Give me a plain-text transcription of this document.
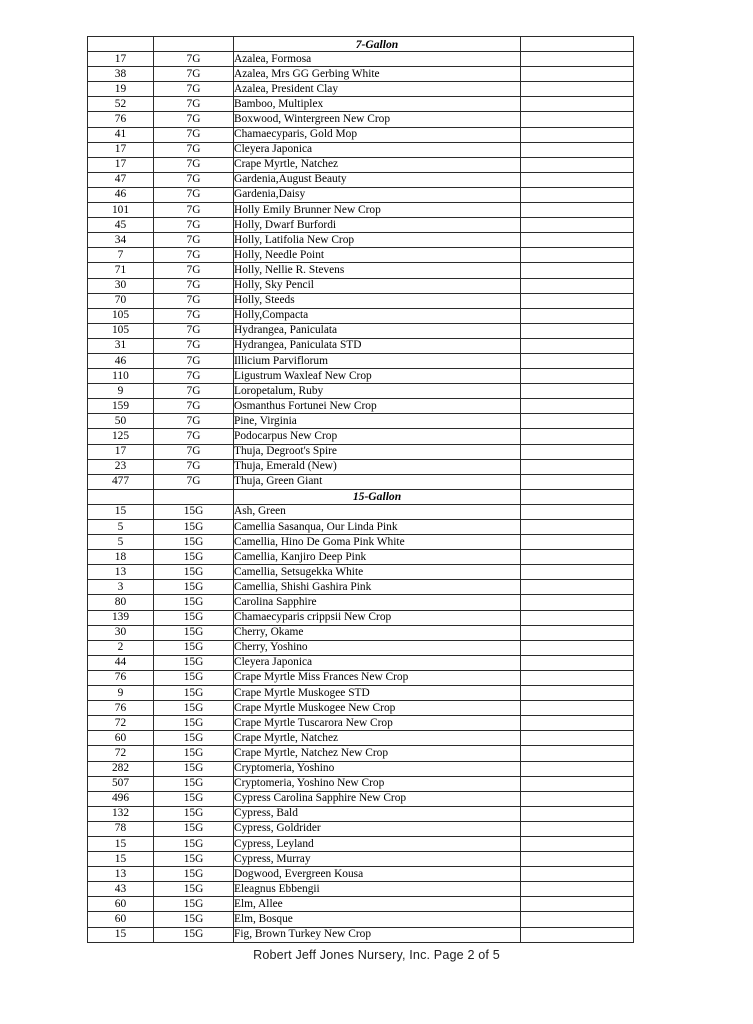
		7-Gallon	
17	7G	Azalea, Formosa	
38	7G	Azalea, Mrs GG Gerbing White	
19	7G	Azalea, President Clay	
52	7G	Bamboo, Multiplex	
76	7G	Boxwood, Wintergreen New Crop	
41	7G	Chamaecyparis, Gold Mop	
17	7G	Cleyera Japonica	
17	7G	Crape Myrtle, Natchez	
47	7G	Gardenia,August Beauty	
46	7G	Gardenia,Daisy	
101	7G	Holly Emily Brunner New Crop	
45	7G	Holly, Dwarf Burfordi	
34	7G	Holly, Latifolia New Crop	
7	7G	Holly, Needle Point	
71	7G	Holly, Nellie R. Stevens	
30	7G	Holly, Sky Pencil	
70	7G	Holly, Steeds	
105	7G	Holly,Compacta	
105	7G	Hydrangea, Paniculata	
31	7G	Hydrangea, Paniculata STD	
46	7G	Illicium Parviflorum	
110	7G	Ligustrum Waxleaf New Crop	
9	7G	Loropetalum, Ruby	
159	7G	Osmanthus Fortunei New Crop	
50	7G	Pine, Virginia	
125	7G	Podocarpus New Crop	
17	7G	Thuja, Degroot's Spire	
23	7G	Thuja, Emerald (New)	
477	7G	Thuja, Green Giant	
		15-Gallon	
15	15G	Ash, Green	
5	15G	Camellia Sasanqua, Our Linda Pink	
5	15G	Camellia, Hino De Goma Pink White	
18	15G	Camellia, Kanjiro Deep Pink	
13	15G	Camellia, Setsugekka White	
3	15G	Camellia, Shishi Gashira Pink	
80	15G	Carolina Sapphire	
139	15G	Chamaecyparis crippsii New Crop	
30	15G	Cherry, Okame	
2	15G	Cherry, Yoshino	
44	15G	Cleyera Japonica	
76	15G	Crape Myrtle Miss Frances New Crop	
9	15G	Crape Myrtle Muskogee STD	
76	15G	Crape Myrtle Muskogee New Crop	
72	15G	Crape Myrtle Tuscarora New Crop	
60	15G	Crape Myrtle, Natchez	
72	15G	Crape Myrtle, Natchez New Crop	
282	15G	Cryptomeria, Yoshino	
507	15G	Cryptomeria, Yoshino New Crop	
496	15G	Cypress Carolina Sapphire New Crop	
132	15G	Cypress, Bald	
78	15G	Cypress, Goldrider	
15	15G	Cypress, Leyland	
15	15G	Cypress, Murray	
13	15G	Dogwood, Evergreen Kousa	
43	15G	Eleagnus Ebbengii	
60	15G	Elm, Allee	
60	15G	Elm, Bosque	
15	15G	Fig, Brown Turkey New Crop	
Robert Jeff Jones Nursery, Inc. Page 2 of 5
